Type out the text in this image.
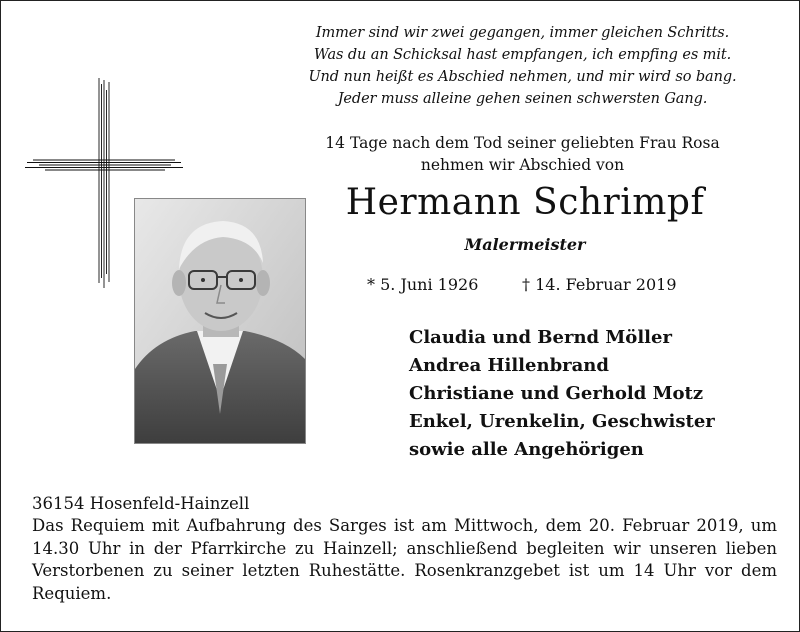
Immer sind wir zwei gegangen, immer gleichen Schritts.
Was du an Schicksal hast empfangen, ich empfing es mit.
Und nun heißt es Abschied nehmen, und mir wird so bang.
Jeder muss alleine gehen seinen schwersten Gang.
14 Tage nach dem Tod seiner geliebten Frau Rosa
nehmen wir Abschied von
Hermann Schrimpf
Malermeister
* 5. Juni 1926	† 14. Februar 2019
Claudia und Bernd Möller
Andrea Hillenbrand
Christiane und Gerhold Motz
Enkel, Urenkelin, Geschwister
sowie alle Angehörigen
36154 Hosenfeld-Hainzell
Das Requiem mit Aufbahrung des Sarges ist am Mittwoch, dem 20. Februar 2019, um 14.30 Uhr in der Pfarrkirche zu Hainzell; anschließend begleiten wir unseren lieben Verstorbenen zu seiner letzten Ruhestätte. Rosenkranzgebet ist um 14 Uhr vor dem Requiem.
